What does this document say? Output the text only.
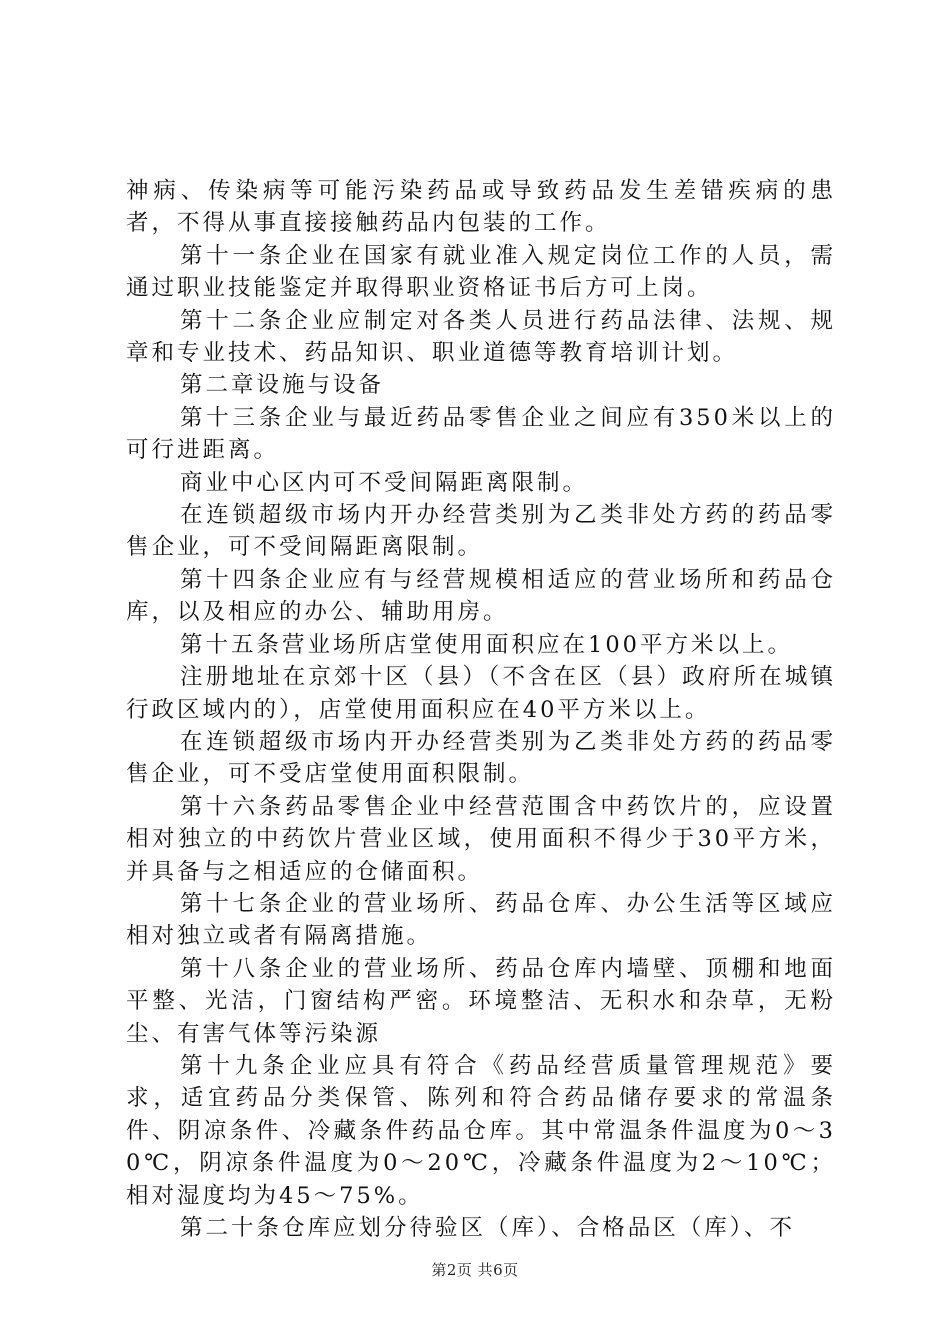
神病、传染病等可能污染药品或导致药品发生差错疾病的患者，不得从事直接接触药品内包装的工作。

第十一条企业在国家有就业准入规定岗位工作的人员，需通过职业技能鉴定并取得职业资格证书后方可上岗。

第十二条企业应制定对各类人员进行药品法律、法规、规章和专业技术、药品知识、职业道德等教育培训计划。

第二章设施与设备

第十三条企业与最近药品零售企业之间应有350米以上的可行进距离。

商业中心区内可不受间隔距离限制。

在连锁超级市场内开办经营类别为乙类非处方药的药品零售企业，可不受间隔距离限制。

第十四条企业应有与经营规模相适应的营业场所和药品仓库，以及相应的办公、辅助用房。

第十五条营业场所店堂使用面积应在100平方米以上。

注册地址在京郊十区（县）（不含在区（县）政府所在城镇行政区域内的），店堂使用面积应在40平方米以上。

在连锁超级市场内开办经营类别为乙类非处方药的药品零售企业，可不受店堂使用面积限制。

第十六条药品零售企业中经营范围含中药饮片的，应设置相对独立的中药饮片营业区域，使用面积不得少于30平方米，并具备与之相适应的仓储面积。

第十七条企业的营业场所、药品仓库、办公生活等区域应相对独立或者有隔离措施。

第十八条企业的营业场所、药品仓库内墙壁、顶棚和地面平整、光洁，门窗结构严密。环境整洁、无积水和杂草，无粉尘、有害气体等污染源

第十九条企业应具有符合《药品经营质量管理规范》要求，适宜药品分类保管、陈列和符合药品储存要求的常温条件、阴凉条件、冷藏条件药品仓库。其中常温条件温度为0～30℃，阴凉条件温度为0～20℃，冷藏条件温度为2～10℃；相对湿度均为45～75%。

第二十条仓库应划分待验区（库）、合格品区（库）、不

第2页 共6页
